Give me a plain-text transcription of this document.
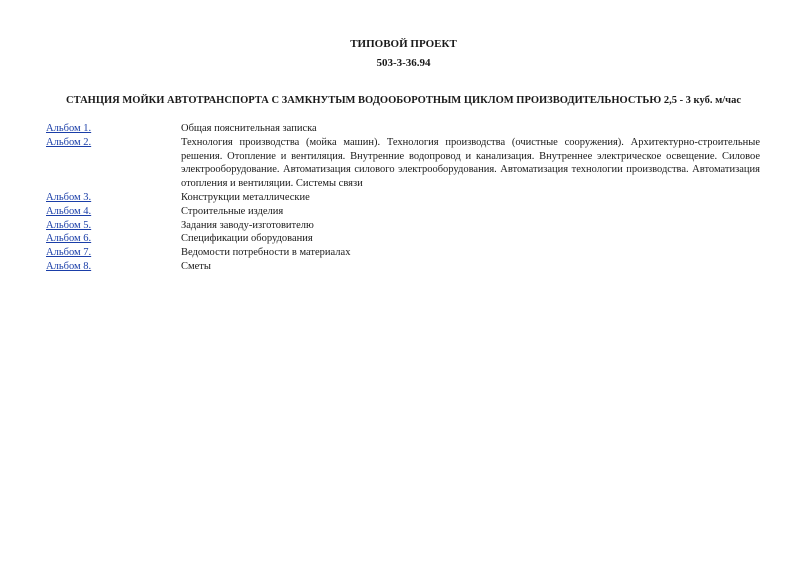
ТИПОВОЙ ПРОЕКТ
503-3-36.94
СТАНЦИЯ МОЙКИ АВТОТРАНСПОРТА С ЗАМКНУТЫМ ВОДООБОРОТНЫМ ЦИКЛОМ ПРОИЗВОДИТЕЛЬНОСТЬЮ 2,5 - 3 куб. м/час
Альбом 1.	Общая пояснительная записка
Альбом 2.	Технология производства (мойка машин). Технология производства (очистные сооружения). Архитектурно-строительные решения. Отопление и вентиляция. Внутренние водопровод и канализация. Внутреннее электрическое освещение. Силовое электрооборудование. Автоматизация силового электрооборудования. Автоматизация технологии производства. Автоматизация отопления и вентиляции. Системы связи
Альбом 3.	Конструкции металлические
Альбом 4.	Строительные изделия
Альбом 5.	Задания заводу-изготовителю
Альбом 6.	Спецификации оборудования
Альбом 7.	Ведомости потребности в материалах
Альбом 8.	Сметы
